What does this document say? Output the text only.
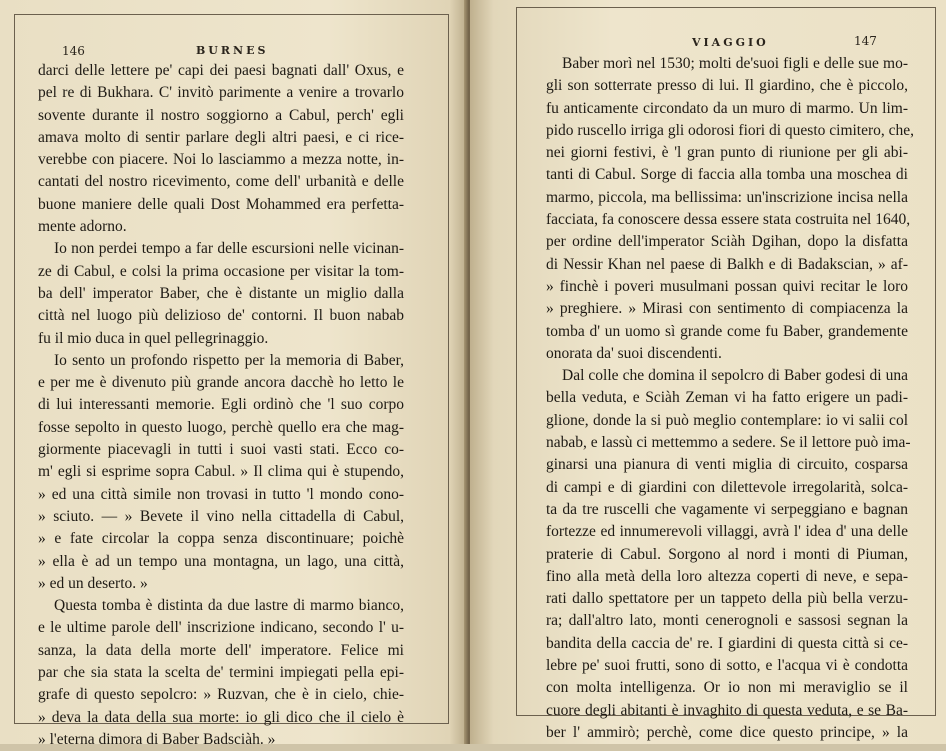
146	BURNES
darci delle lettere pe' capi dei paesi bagnati dall' Oxus, e
pel re di Bukhara. C' invitò parimente a venire a trovarlo
sovente durante il nostro soggiorno a Cabul, perch' egli
amava molto di sentir parlare degli altri paesi, e ci rice-
verebbe con piacere. Noi lo lasciammo a mezza notte, in-
cantati del nostro ricevimento, come dell' urbanità e delle
buone maniere delle quali Dost Mohammed era perfetta-
mente adorno.
Io non perdei tempo a far delle escursioni nelle vicinan-
ze di Cabul, e colsi la prima occasione per visitar la tom-
ba dell' imperator Baber, che è distante un miglio dalla
città nel luogo più delizioso de' contorni. Il buon nabab
fu il mio duca in quel pellegrinaggio.
Io sento un profondo rispetto per la memoria di Baber,
e per me è divenuto più grande ancora dacchè ho letto le
di lui interessanti memorie. Egli ordinò che 'l suo corpo
fosse sepolto in questo luogo, perchè quello era che mag-
giormente piacevagli in tutti i suoi vasti stati. Ecco co-
m' egli si esprime sopra Cabul. » Il clima qui è stupendo,
» ed una città simile non trovasi in tutto 'l mondo cono-
» sciuto. — » Bevete il vino nella cittadella di Cabul,
» e fate circolar la coppa senza discontinuare; poichè
» ella è ad un tempo una montagna, un lago, una città,
» ed un deserto. »
Questa tomba è distinta da due lastre di marmo bianco,
e le ultime parole dell' inscrizione indicano, secondo l' u-
sanza, la data della morte dell' imperatore. Felice mi
par che sia stata la scelta de' termini impiegati pella epi-
grafe di questo sepolcro: » Ruzvan, che è in cielo, chie-
» deva la data della sua morte: io gli dico che il cielo è
» l'eterna dimora di Baber Badsciàh. »
VIAGGIO	147
Baber morì nel 1530; molti de'suoi figli e delle sue mo-
gli son sotterrate presso di lui. Il giardino, che è piccolo,
fu anticamente circondato da un muro di marmo. Un lim-
pido ruscello irriga gli odorosi fiori di questo cimitero, che,
nei giorni festivi, è 'l gran punto di riunione per gli abi-
tanti di Cabul. Sorge di faccia alla tomba una moschea di
marmo, piccola, ma bellissima: un'inscrizione incisa nella
facciata, fa conoscere dessa essere stata costruita nel 1640,
per ordine dell'imperator Sciàh Dgihan, dopo la disfatta
di Nessir Khan nel paese di Balkh e di Badakscian, » af-
» finchè i poveri musulmani possan quivi recitar le loro
» preghiere. » Mirasi con sentimento di compiacenza la
tomba d' un uomo sì grande come fu Baber, grandemente
onorata da' suoi discendenti.
Dal colle che domina il sepolcro di Baber godesi di una
bella veduta, e Sciàh Zeman vi ha fatto erigere un padi-
glione, donde la si può meglio contemplare: io vi salii col
nabab, e lassù ci mettemmo a sedere. Se il lettore può ima-
ginarsi una pianura di venti miglia di circuito, cosparsa
di campi e di giardini con dilettevole irregolarità, solca-
ta da tre ruscelli che vagamente vi serpeggiano e bagnan
fortezze ed innumerevoli villaggi, avrà l' idea d' una delle
praterie di Cabul. Sorgono al nord i monti di Piuman,
fino alla metà della loro altezza coperti di neve, e sepa-
rati dallo spettatore per un tappeto della più bella verzu-
ra; dall'altro lato, monti cenerognoli e sassosi segnan la
bandita della caccia de' re. I giardini di questa città si ce-
lebre pe' suoi frutti, sono di sotto, e l'acqua vi è condotta
con molta intelligenza. Or io non mi meraviglio se il
cuore degli abitanti è invaghito di questa veduta, e se Ba-
ber l' ammirò; perchè, come dice questo principe, » la
